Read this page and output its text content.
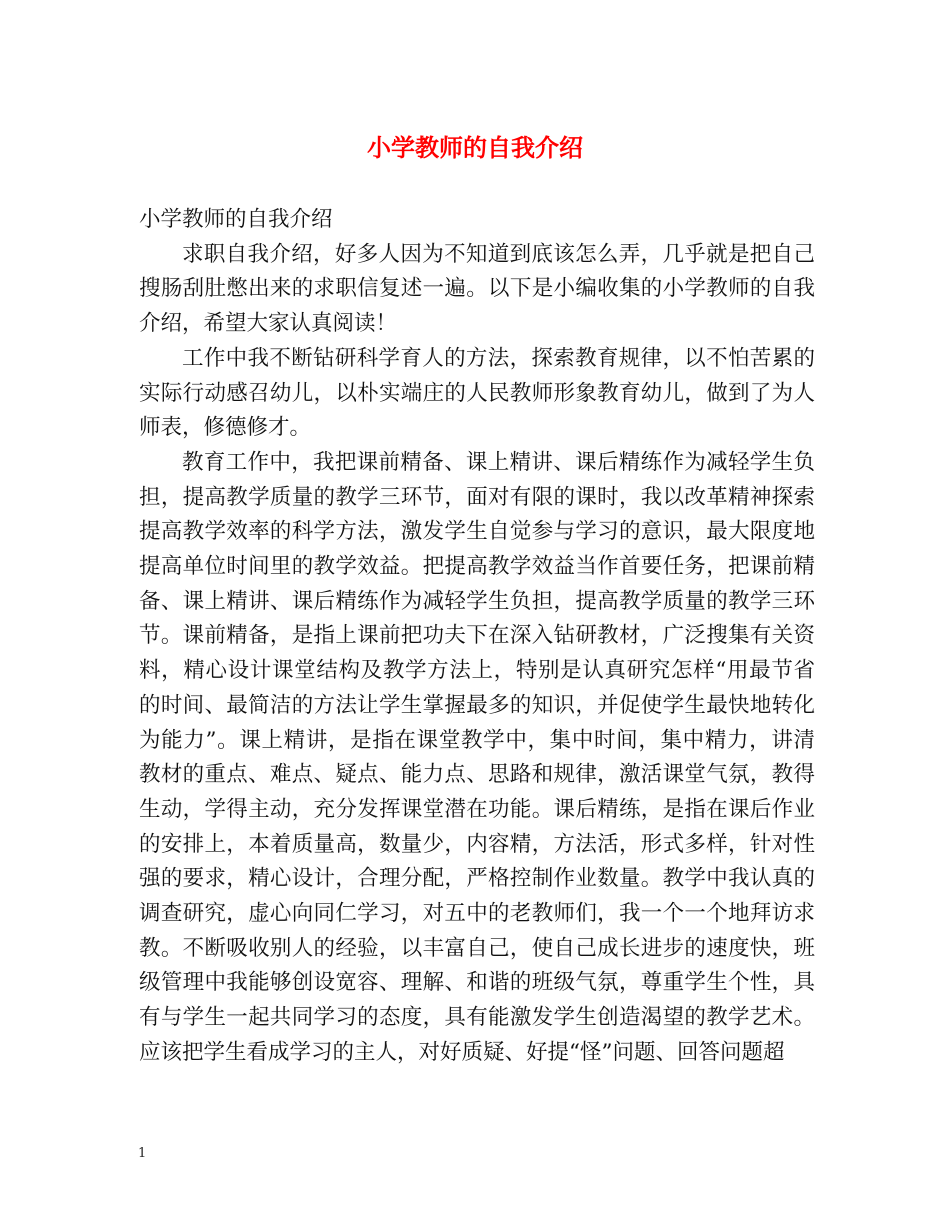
小学教师的自我介绍

小学教师的自我介绍

求职自我介绍，好多人因为不知道到底该怎么弄，几乎就是把自己搜肠刮肚憋出来的求职信复述一遍。以下是小编收集的小学教师的自我介绍，希望大家认真阅读！

工作中我不断钻研科学育人的方法，探索教育规律，以不怕苦累的实际行动感召幼儿，以朴实端庄的人民教师形象教育幼儿，做到了为人师表，修德修才。

教育工作中，我把课前精备、课上精讲、课后精练作为减轻学生负担，提高教学质量的教学三环节，面对有限的课时，我以改革精神探索提高教学效率的科学方法，激发学生自觉参与学习的意识，最大限度地提高单位时间里的教学效益。把提高教学效益当作首要任务，把课前精备、课上精讲、课后精练作为减轻学生负担，提高教学质量的教学三环节。课前精备，是指上课前把功夫下在深入钻研教材，广泛搜集有关资料，精心设计课堂结构及教学方法上，特别是认真研究怎样“用最节省的时间、最简洁的方法让学生掌握最多的知识，并促使学生最快地转化为能力”。课上精讲，是指在课堂教学中，集中时间，集中精力，讲清教材的重点、难点、疑点、能力点、思路和规律，激活课堂气氛，教得生动，学得主动，充分发挥课堂潜在功能。课后精练，是指在课后作业的安排上，本着质量高，数量少，内容精，方法活，形式多样，针对性强的要求，精心设计，合理分配，严格控制作业数量。教学中我认真的调查研究，虚心向同仁学习，对五中的老教师们，我一个一个地拜访求教。不断吸收别人的经验，以丰富自己，使自己成长进步的速度快，班级管理中我能够创设宽容、理解、和谐的班级气氛，尊重学生个性，具有与学生一起共同学习的态度，具有能激发学生创造渴望的教学艺术。应该把学生看成学习的主人，对好质疑、好提“怪”问题、回答问题超

1
